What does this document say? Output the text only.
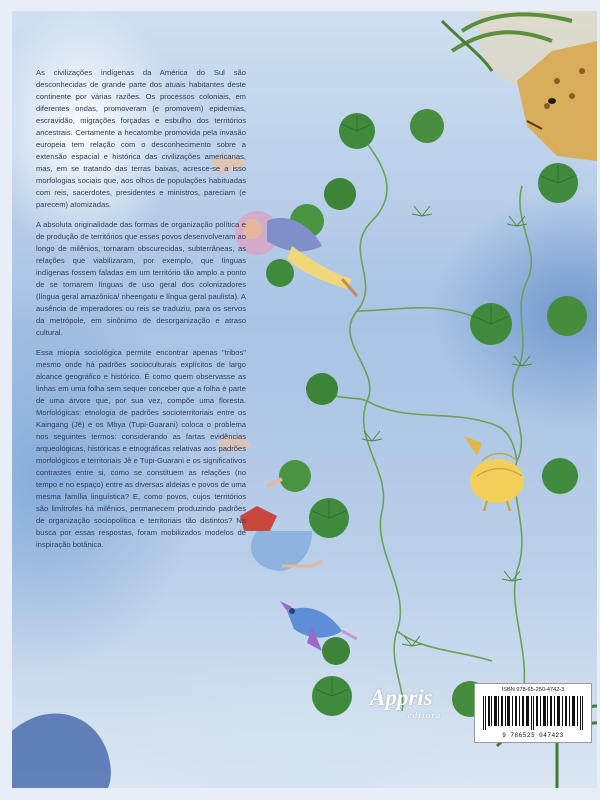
As civilizações indígenas da América do Sul são desconhecidas de grande parte dos atuais habitantes deste continente por várias razões. Os processos coloniais, em diferentes ondas, promoveram (e promovem) epidemias, escravidão, migrações forçadas e esbulho dos territórios ancestrais. Certamente a hecatombe promovida pela invasão europeia tem relação com o desconhecimento sobre a extensão espacial e histórica das civilizações americanas, mas, em se tratando das terras baixas, acresce-se a isso morfologias sociais que, aos olhos de populações habituadas com reis, sacerdotes, presidentes e ministros, pareciam (e parecem) atomizadas.

A absoluta originalidade das formas de organização política e de produção de territórios que esses povos desenvolveram ao longo de milênios, tornaram obscurecidas, subterrâneas, as relações que viabilizaram, por exemplo, que línguas indígenas fossem faladas em um território tão amplo a ponto de se tornarem línguas de uso geral dos colonizadores (língua geral amazônica/ nheengatu e língua geral paulista). A ausência de imperadores ou reis se traduziu, para os servos da metrópole, em sinônimo de desorganização e atraso cultural.

Essa miopia sociológica permite encontrar apenas "tribos" mesmo onde há padrões socioculturais explícitos de largo alcance geográfico e histórico. É como quem observasse as linhas em uma folha sem sequer conceber que a folha é parte de uma árvore que, por sua vez, compõe uma floresta. Morfológicas: etnologia de padrões socioterritoriais entre os Kaingang (Jê) e os Mbya (Tupi-Guarani) coloca o problema nos seguintes termos: considerando as fartas evidências arqueológicas, históricas e etnográficas relativas aos padrões morfológicos e territoriais Jê e Tupi-Guarani e os significativos contrastes entre si, como se constituem as relações (no tempo e no espaço) entre as diversas aldeias e povos de uma mesma família linguística? E, como povos, cujos territórios são limítrofes há milênios, permanecem produzindo padrões de organização sociopolítica e territoriais tão distintos? Na busca por essas respostas, foram mobilizados modelos de inspiração botânica.

Appris
editora
ISBN 978-65-250-4742-3
9 786525 047423
